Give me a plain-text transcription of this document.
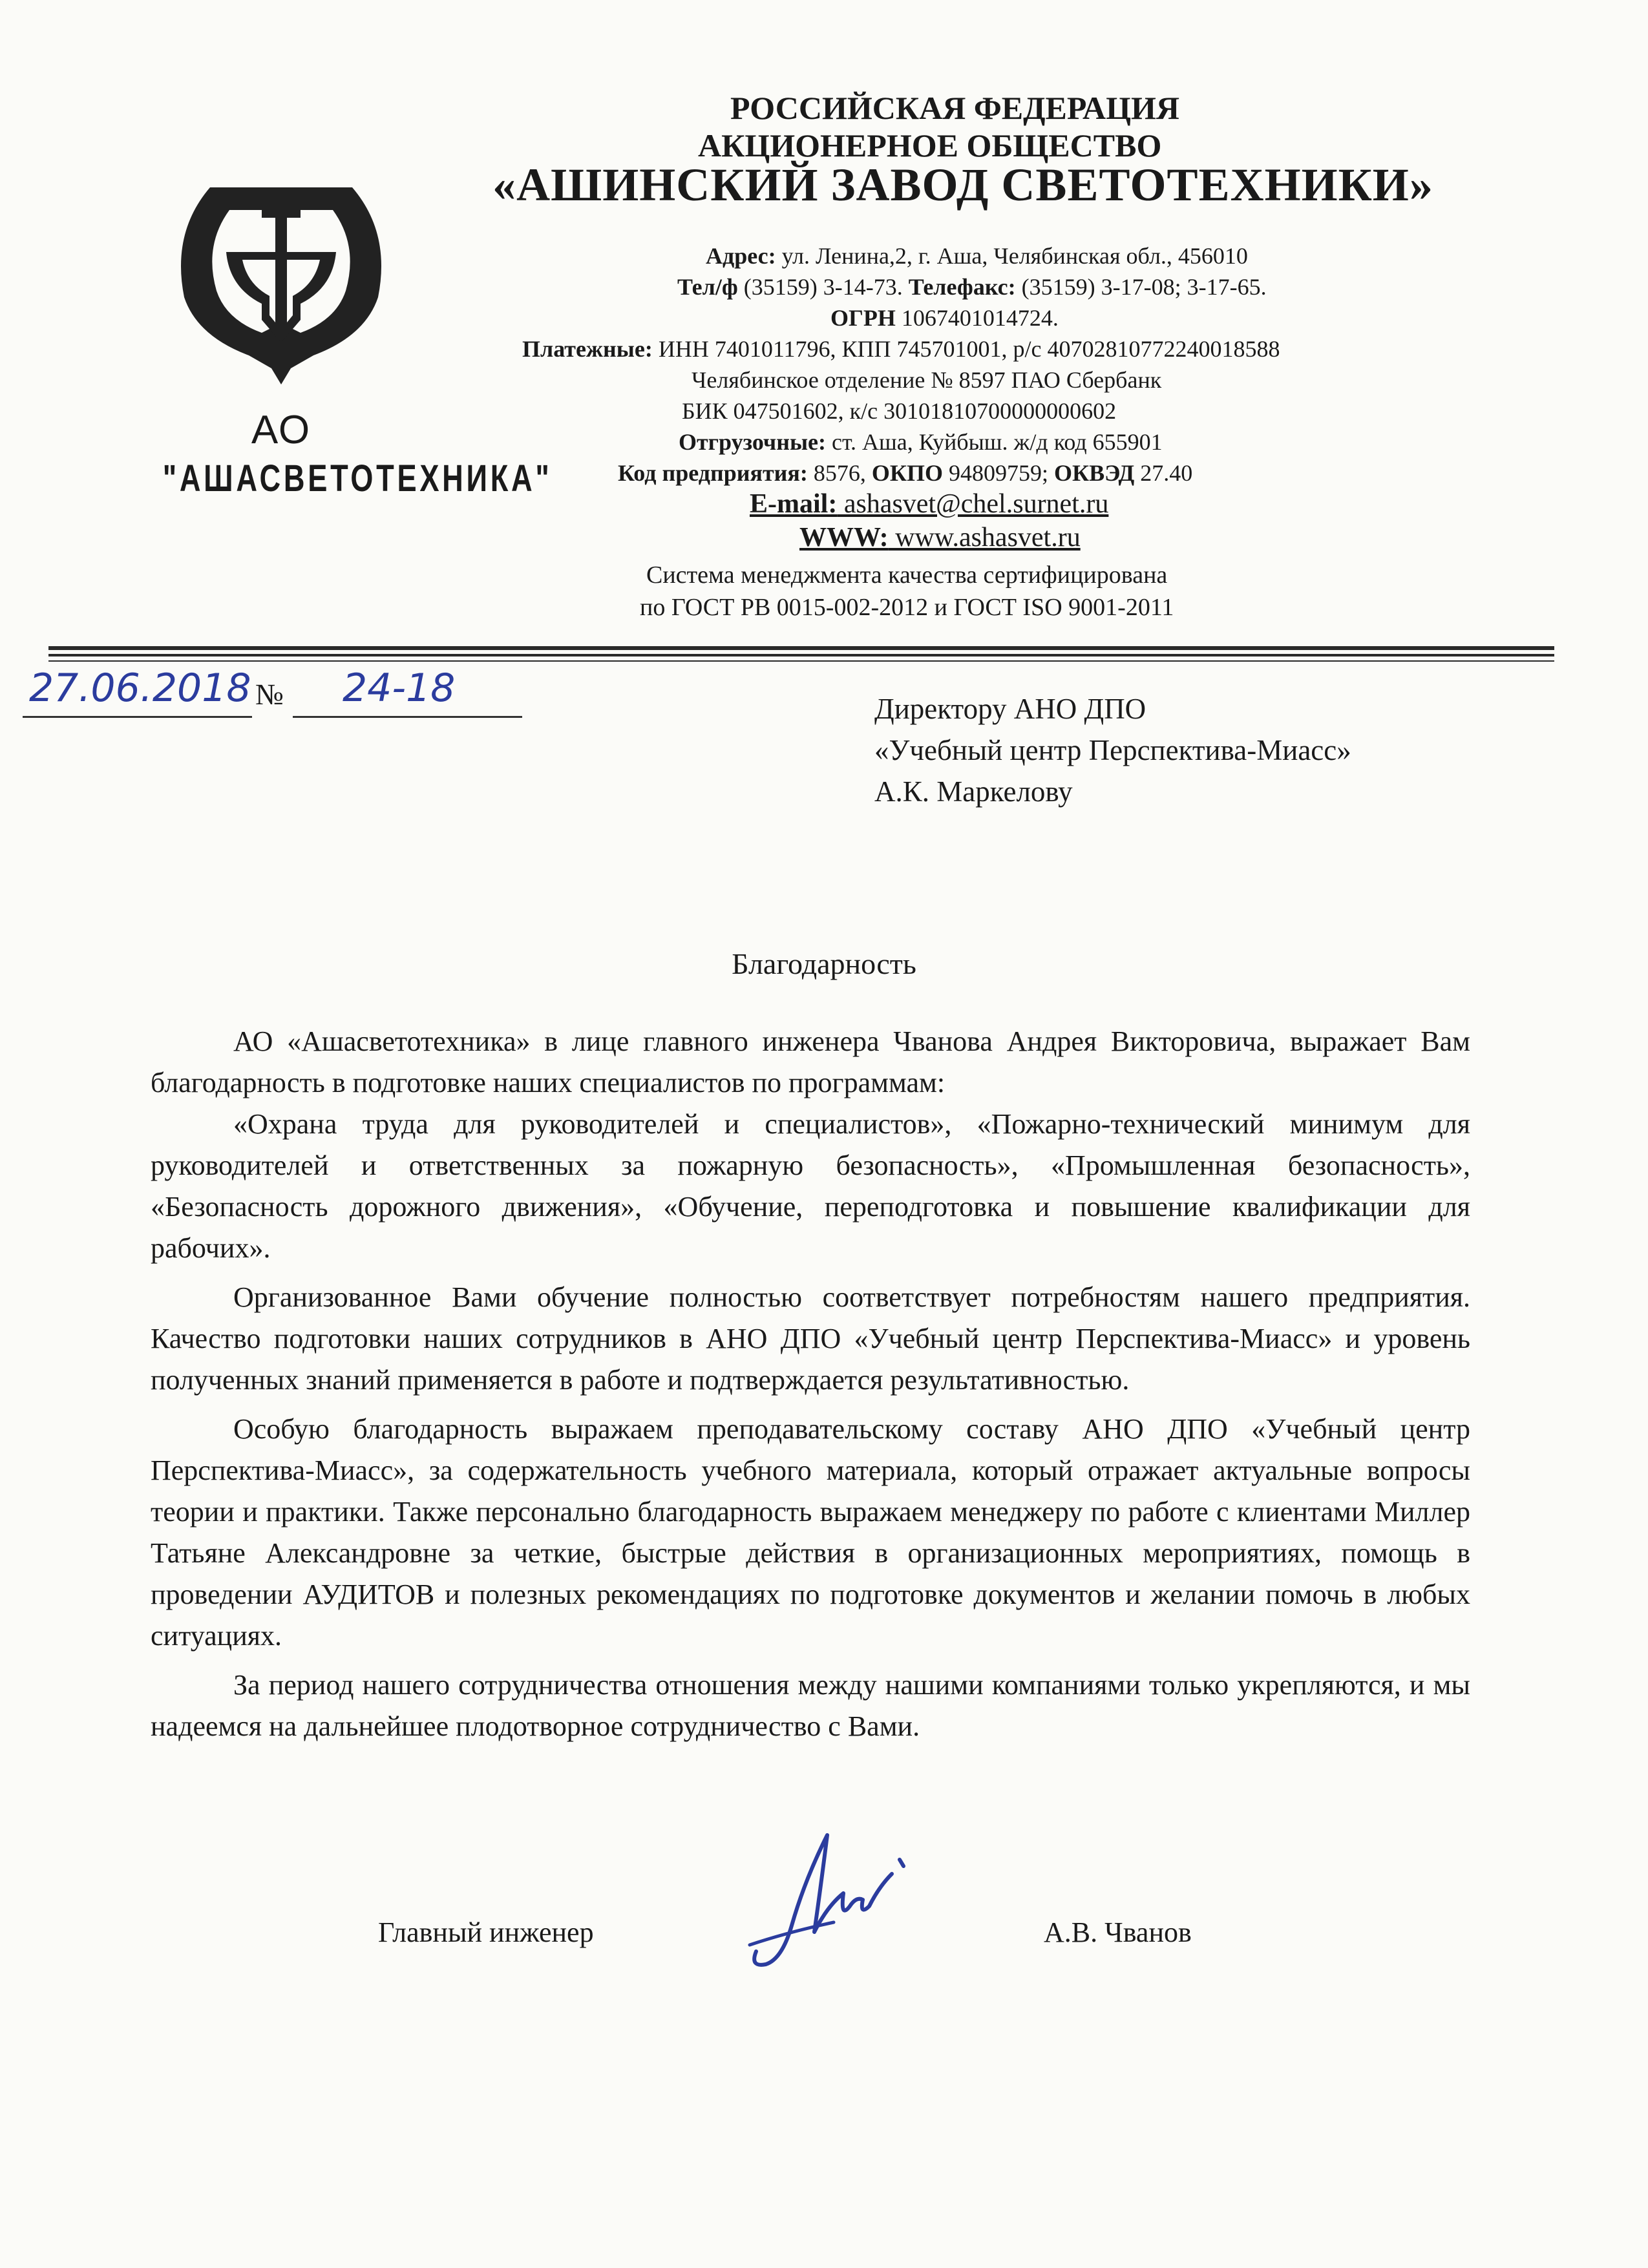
АО
"АШАСВЕТОТЕХНИКА"
РОССИЙСКАЯ ФЕДЕРАЦИЯ
АКЦИОНЕРНОЕ ОБЩЕСТВО
«АШИНСКИЙ ЗАВОД СВЕТОТЕХНИКИ»
Адрес: ул. Ленина,2, г. Аша, Челябинская обл., 456010
Тел/ф (35159) 3-14-73. Телефакс: (35159) 3-17-08; 3-17-65.
ОГРН 1067401014724.
Платежные: ИНН 7401011796, КПП 745701001, р/с 40702810772240018588
Челябинское отделение № 8597 ПАО Сбербанк
БИК 047501602, к/с 30101810700000000602
Отгрузочные: ст. Аша, Куйбыш. ж/д код 655901
Код предприятия: 8576, ОКПО 94809759; ОКВЭД 27.40
E-mail: ashasvet@chel.surnet.ru
WWW: www.ashasvet.ru
Система менеджмента качества сертифицирована
по ГОСТ РВ 0015-002-2012 и ГОСТ ISO 9001-2011
27.06.2018 № 24-18	Директору АНО ДПО
«Учебный центр Перспектива-Миасс»
А.К. Маркелову
Благодарность

АО «Ашасветотехника» в лице главного инженера Чванова Андрея Викторовича, выражает Вам благодарность в подготовке наших специалистов по программам:

«Охрана труда для руководителей и специалистов», «Пожарно-технический минимум для руководителей и ответственных за пожарную безопасность», «Промышленная безопасность», «Безопасность дорожного движения», «Обучение, переподготовка и повышение квалификации для рабочих».

Организованное Вами обучение полностью соответствует потребностям нашего предприятия. Качество подготовки наших сотрудников в АНО ДПО «Учебный центр Перспектива-Миасс» и уровень полученных знаний применяется в работе и подтверждается результативностью.

Особую благодарность выражаем преподавательскому составу АНО ДПО «Учебный центр Перспектива-Миасс», за содержательность учебного материала, который отражает актуальные вопросы теории и практики. Также персонально благодарность выражаем менеджеру по работе с клиентами Миллер Татьяне Александровне за четкие, быстрые действия в организационных мероприятиях, помощь в проведении АУДИТОВ и полезных рекомендациях по подготовке документов и желании помочь в любых ситуациях.

За период нашего сотрудничества отношения между нашими компаниями только укрепляются, и мы надеемся на дальнейшее плодотворное сотрудничество с Вами.

Главный инженер	А.В. Чванов
